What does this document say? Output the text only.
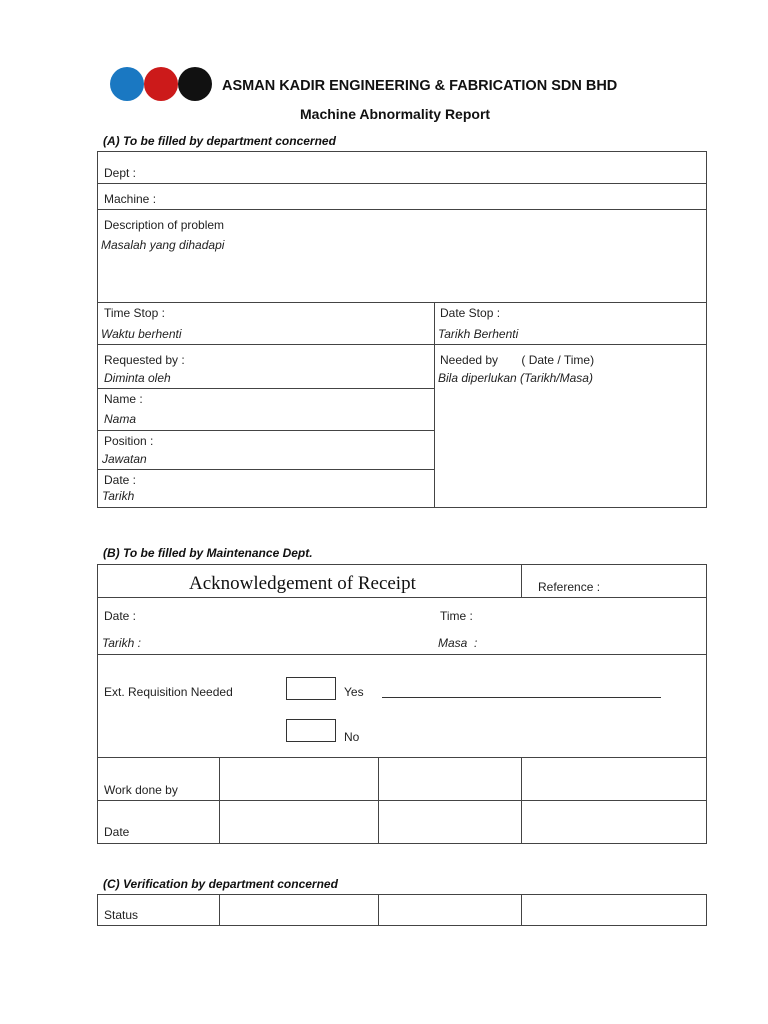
ASMAN KADIR ENGINEERING & FABRICATION SDN BHD
Machine Abnormality Report
(A) To be filled by department concerned
Dept :
Machine :
Description of problem
Masalah yang dihadapi
Time Stop :
Waktu berhenti
Date Stop :
Tarikh Berhenti
Requested by :
Diminta oleh
Needed by       ( Date / Time)
Bila diperlukan (Tarikh/Masa)
Name :
Nama
Position :
Jawatan
Date :
Tarikh
(B) To be filled by Maintenance Dept.
Acknowledgement of Receipt	Reference :
Date :
Tarikh :
Time :
Masa  :
Ext. Requisition Needed	Yes
No
Work done by
Date
(C) Verification by department concerned
Status
